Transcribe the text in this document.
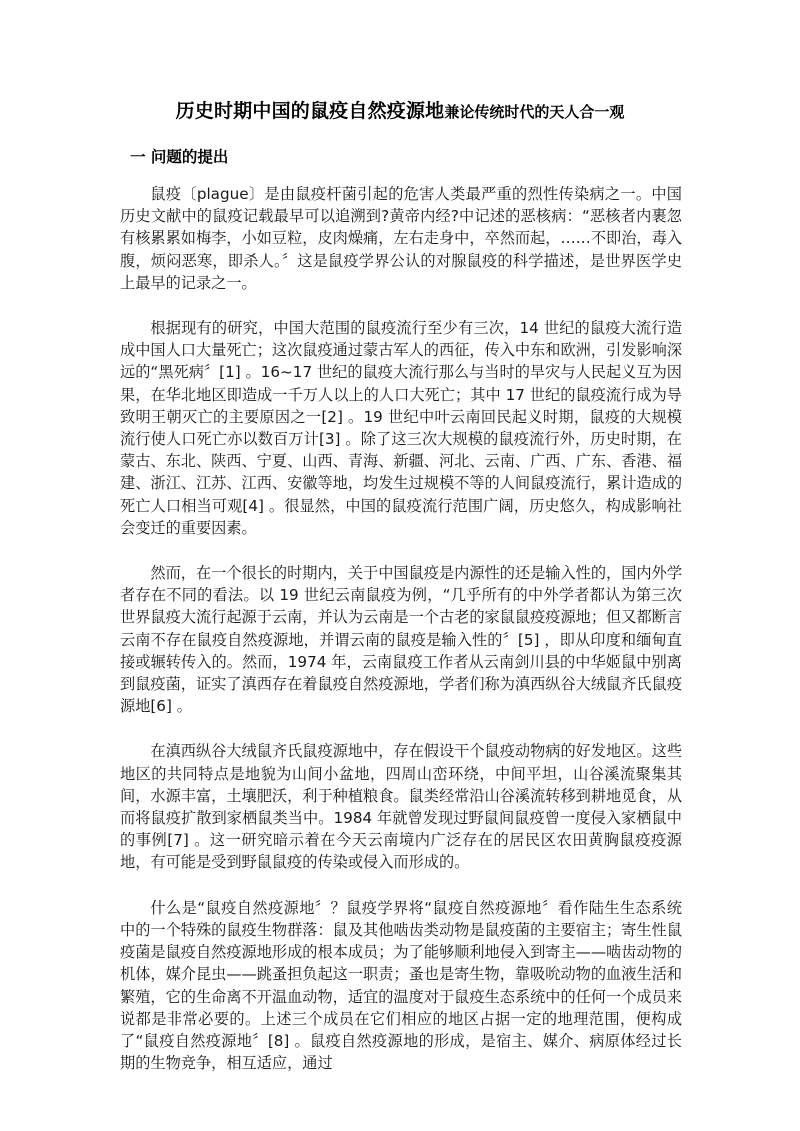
历史时期中国的鼠疫自然疫源地兼论传统时代的天人合一观
一 问题的提出

鼠疫〔plague〕是由鼠疫杆菌引起的危害人类最严重的烈性传染病之一。中国历史文献中的鼠疫记载最早可以追溯到?黄帝内经?中记述的恶核病：“恶核者内裹忽有核累累如梅李，小如豆粒，皮肉燥痛，左右走身中，卒然而起，……不即治，毒入腹，烦闷恶寒，即杀人。〞这是鼠疫学界公认的对腺鼠疫的科学描述，是世界医学史上最早的记录之一。

根据现有的研究，中国大范围的鼠疫流行至少有三次，14 世纪的鼠疫大流行造成中国人口大量死亡；这次鼠疫通过蒙古军人的西征，传入中东和欧洲，引发影响深远的“黑死病〞[1] 。16~17 世纪的鼠疫大流行那么与当时的旱灾与人民起义互为因果，在华北地区即造成一千万人以上的人口大死亡；其中 17 世纪的鼠疫流行成为导致明王朝灭亡的主要原因之一[2] 。19 世纪中叶云南回民起义时期，鼠疫的大规模流行使人口死亡亦以数百万计[3] 。除了这三次大规模的鼠疫流行外，历史时期，在蒙古、东北、陕西、宁夏、山西、青海、新疆、河北、云南、广西、广东、香港、福建、浙江、江苏、江西、安徽等地，均发生过规模不等的人间鼠疫流行，累计造成的死亡人口相当可观[4] 。很显然，中国的鼠疫流行范围广阔，历史悠久，构成影响社会变迁的重要因素。

然而，在一个很长的时期内，关于中国鼠疫是内源性的还是输入性的，国内外学者存在不同的看法。以 19 世纪云南鼠疫为例，“几乎所有的中外学者都认为第三次世界鼠疫大流行起源于云南，并认为云南是一个古老的家鼠鼠疫疫源地；但又都断言云南不存在鼠疫自然疫源地，并谓云南的鼠疫是输入性的〞[5] ，即从印度和缅甸直接或辗转传入的。然而，1974 年，云南鼠疫工作者从云南剑川县的中华姬鼠中别离到鼠疫菌，证实了滇西存在着鼠疫自然疫源地，学者们称为滇西纵谷大绒鼠齐氏鼠疫源地[6] 。

在滇西纵谷大绒鼠齐氏鼠疫源地中，存在假设干个鼠疫动物病的好发地区。这些地区的共同特点是地貌为山间小盆地，四周山峦环绕，中间平坦，山谷溪流聚集其间，水源丰富，土壤肥沃，利于种植粮食。鼠类经常沿山谷溪流转移到耕地觅食，从而将鼠疫扩散到家栖鼠类当中。1984 年就曾发现过野鼠间鼠疫曾一度侵入家栖鼠中的事例[7] 。这一研究暗示着在今天云南境内广泛存在的居民区农田黄胸鼠疫疫源地，有可能是受到野鼠鼠疫的传染或侵入而形成的。

什么是“鼠疫自然疫源地〞？鼠疫学界将“鼠疫自然疫源地〞看作陆生生态系统中的一个特殊的鼠疫生物群落：鼠及其他啮齿类动物是鼠疫菌的主要宿主；寄生性鼠疫菌是鼠疫自然疫源地形成的根本成员；为了能够顺利地侵入到寄主——啮齿动物的机体，媒介昆虫——跳蚤担负起这一职责；蚤也是寄生物，靠吸吮动物的血液生活和繁殖，它的生命离不开温血动物，适宜的温度对于鼠疫生态系统中的任何一个成员来说都是非常必要的。上述三个成员在它们相应的地区占据一定的地理范围，便构成了“鼠疫自然疫源地〞[8] 。鼠疫自然疫源地的形成，是宿主、媒介、病原体经过长期的生物竞争，相互适应，通过
